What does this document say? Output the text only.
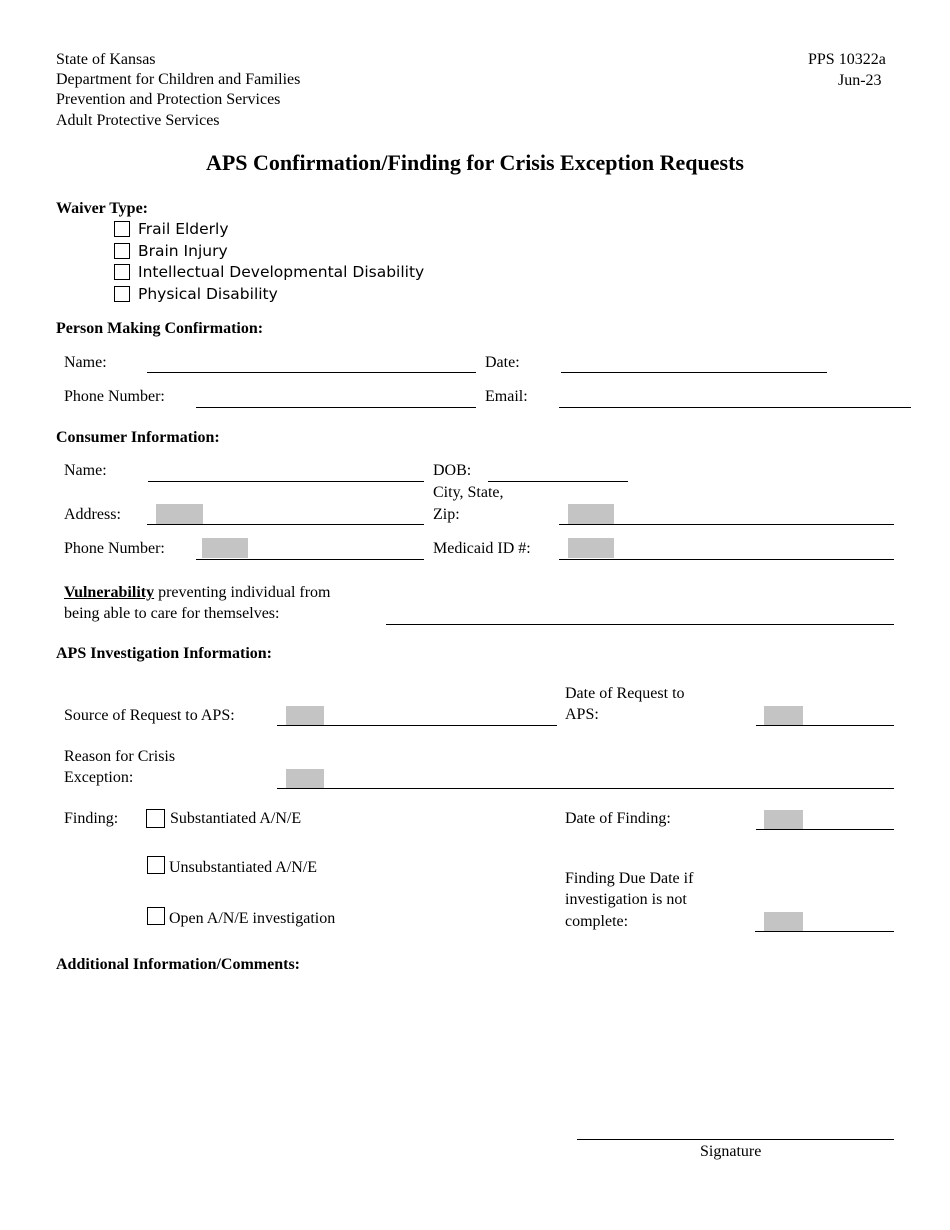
State of Kansas
Department for Children and Families
Prevention and Protection Services
Adult Protective Services
PPS 10322a
Jun-23
APS Confirmation/Finding for Crisis Exception Requests
Waiver Type:
Frail Elderly
Brain Injury
Intellectual Developmental Disability
Physical Disability
Person Making Confirmation:
Name:	Date:
Phone Number:	Email:
Consumer Information:
Name:	DOB:
Address:
City, State,
Zip:
Phone Number:	Medicaid ID #:
Vulnerability preventing individual from
being able to care for themselves:
APS Investigation Information:
Source of Request to APS:
Date of Request to
APS:
Reason for Crisis
Exception:
Finding:	Substantiated A/N/E
Unsubstantiated A/N/E
Open A/N/E investigation
Date of Finding:
Finding Due Date if
investigation is not
complete:
Additional Information/Comments:
Signature
